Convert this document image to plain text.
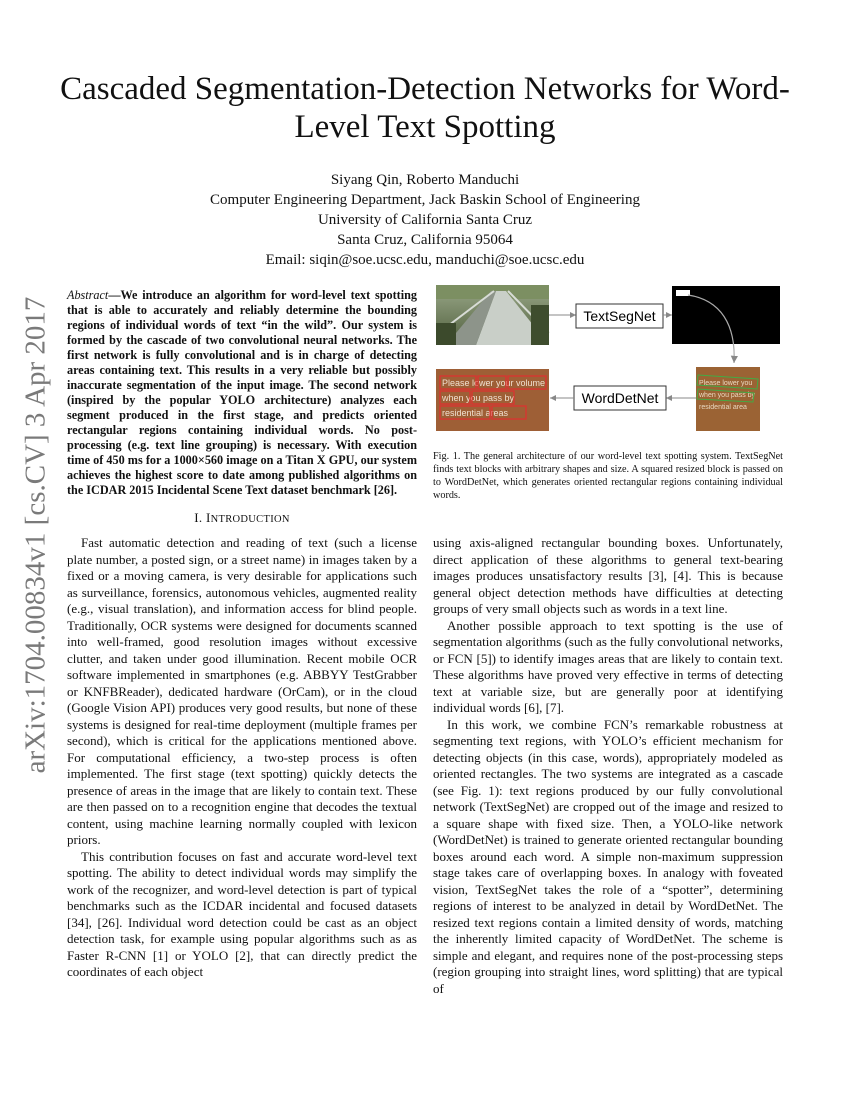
Cascaded Segmentation-Detection Networks for Word-Level Text Spotting
Siyang Qin, Roberto Manduchi
Computer Engineering Department, Jack Baskin School of Engineering
University of California Santa Cruz
Santa Cruz, California 95064
Email: siqin@soe.ucsc.edu, manduchi@soe.ucsc.edu
arXiv:1704.00834v1 [cs.CV] 3 Apr 2017
Abstract—We introduce an algorithm for word-level text spotting that is able to accurately and reliably determine the bounding regions of individual words of text “in the wild”. Our system is formed by the cascade of two convolutional neural networks. The first network is fully convolutional and is in charge of detecting areas containing text. This results in a very reliable but possibly inaccurate segmentation of the input image. The second network (inspired by the popular YOLO architecture) analyzes each segment produced in the first stage, and predicts oriented rectangular regions containing individual words. No post-processing (e.g. text line grouping) is necessary. With execution time of 450 ms for a 1000×560 image on a Titan X GPU, our system achieves the highest score to date among published algorithms on the ICDAR 2015 Incidental Scene Text dataset benchmark [26].
TextSegNet
Please lower you
when you pass by
residential area
WordDetNet
Please lower your volume
when you pass by
residential areas
Fig. 1. The general architecture of our word-level text spotting system. TextSegNet finds text blocks with arbitrary shapes and size. A squared resized block is passed on to WordDetNet, which generates oriented rectangular regions containing individual words.
I. INTRODUCTION

Fast automatic detection and reading of text (such a license plate number, a posted sign, or a street name) in images taken by a fixed or a moving camera, is very desirable for applications such as surveillance, forensics, autonomous vehicles, augmented reality (e.g., visual translation), and information access for blind people. Traditionally, OCR systems were designed for documents scanned into well-framed, good resolution images without excessive clutter, and taken under good illumination. Recent mobile OCR software implemented in smartphones (e.g. ABBYY TestGrabber or KNFBReader), dedicated hardware (OrCam), or in the cloud (Google Vision API) produces very good results, but none of these systems is designed for real-time deployment (multiple frames per second), which is critical for the applications mentioned above. For computational efficiency, a two-step process is often implemented. The first stage (text spotting) quickly detects the presence of areas in the image that are likely to contain text. These are then passed on to a recognition engine that decodes the textual content, using machine learning normally coupled with lexicon priors.

This contribution focuses on fast and accurate word-level text spotting. The ability to detect individual words may simplify the work of the recognizer, and word-level detection is part of typical benchmarks such as the ICDAR incidental and focused datasets [34], [26]. Individual word detection could be cast as an object detection task, for example using popular algorithms such as as Faster R-CNN [1] or YOLO [2], that can directly predict the coordinates of each object

using axis-aligned rectangular bounding boxes. Unfortunately, direct application of these algorithms to general text-bearing images produces unsatisfactory results [3], [4]. This is because general object detection methods have difficulties at detecting groups of very small objects such as words in a text line.

Another possible approach to text spotting is the use of segmentation algorithms (such as the fully convolutional networks, or FCN [5]) to identify images areas that are likely to contain text. These algorithms have proved very effective in terms of detecting text at variable size, but are generally poor at identifying individual words [6], [7].

In this work, we combine FCN’s remarkable robustness at segmenting text regions, with YOLO’s efficient mechanism for detecting objects (in this case, words), appropriately modeled as oriented rectangles. The two systems are integrated as a cascade (see Fig. 1): text regions produced by our fully convolutional network (TextSegNet) are cropped out of the image and resized to a square shape with fixed size. Then, a YOLO-like network (WordDetNet) is trained to generate oriented rectangular bounding boxes around each word. A simple non-maximum suppression stage takes care of overlapping boxes. In analogy with foveated vision, TextSegNet takes the role of a “spotter”, determining regions of interest to be analyzed in detail by WordDetNet. The resized text regions contain a limited density of words, matching the inherently limited capacity of WordDetNet. The scheme is simple and elegant, and requires none of the post-processing steps (region grouping into straight lines, word splitting) that are typical of
